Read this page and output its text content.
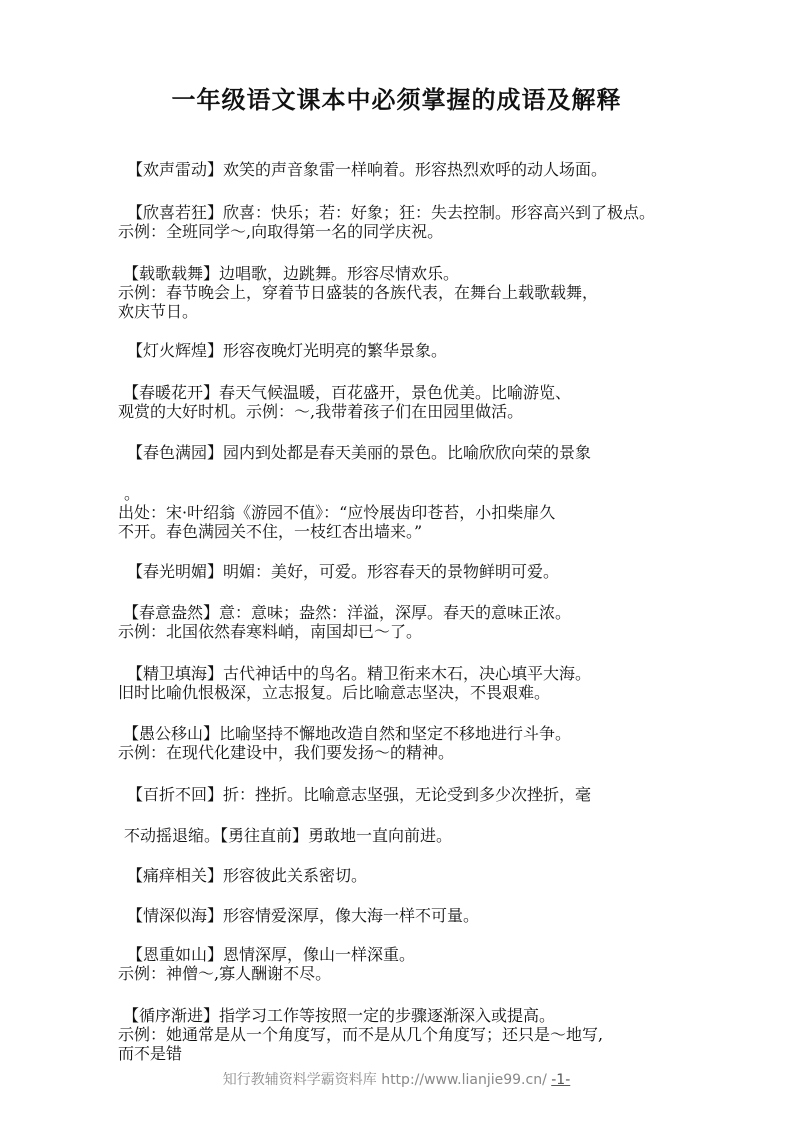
一年级语文课本中必须掌握的成语及解释
【欢声雷动】欢笑的声音象雷一样响着。形容热烈欢呼的动人场面。
【欣喜若狂】欣喜：快乐；若：好象；狂：失去控制。形容高兴到了极点。
示例：全班同学～,向取得第一名的同学庆祝。
【载歌载舞】边唱歌，边跳舞。形容尽情欢乐。
示例：春节晚会上，穿着节日盛装的各族代表，在舞台上载歌载舞，
欢庆节日。
【灯火辉煌】形容夜晚灯光明亮的繁华景象。
【春暖花开】春天气候温暖，百花盛开，景色优美。比喻游览、
观赏的大好时机。示例：～,我带着孩子们在田园里做活。
【春色满园】园内到处都是春天美丽的景色。比喻欣欣向荣的景象
。
出处：宋·叶绍翁《游园不值》：“应怜展齿印苍苔，小扣柴扉久
不开。春色满园关不住，一枝红杏出墙来。”
【春光明媚】明媚：美好，可爱。形容春天的景物鲜明可爱。
【春意盎然】意：意味；盎然：洋溢，深厚。春天的意味正浓。
示例：北国依然春寒料峭，南国却已～了。
【精卫填海】古代神话中的鸟名。精卫衔来木石，决心填平大海。
旧时比喻仇恨极深，立志报复。后比喻意志坚决，不畏艰难。
【愚公移山】比喻坚持不懈地改造自然和坚定不移地进行斗争。
示例：在现代化建设中，我们要发扬～的精神。
【百折不回】折：挫折。比喻意志坚强，无论受到多少次挫折，毫
不动摇退缩。【勇往直前】勇敢地一直向前进。
【痛痒相关】形容彼此关系密切。
【情深似海】形容情爱深厚，像大海一样不可量。
【恩重如山】恩情深厚，像山一样深重。
示例：神僧～,寡人酬谢不尽。
【循序渐进】指学习工作等按照一定的步骤逐渐深入或提高。
示例：她通常是从一个角度写，而不是从几个角度写；还只是～地写,
而不是错
知行教辅资料学霸资料库 http://www.lianjie99.cn/ -1-
